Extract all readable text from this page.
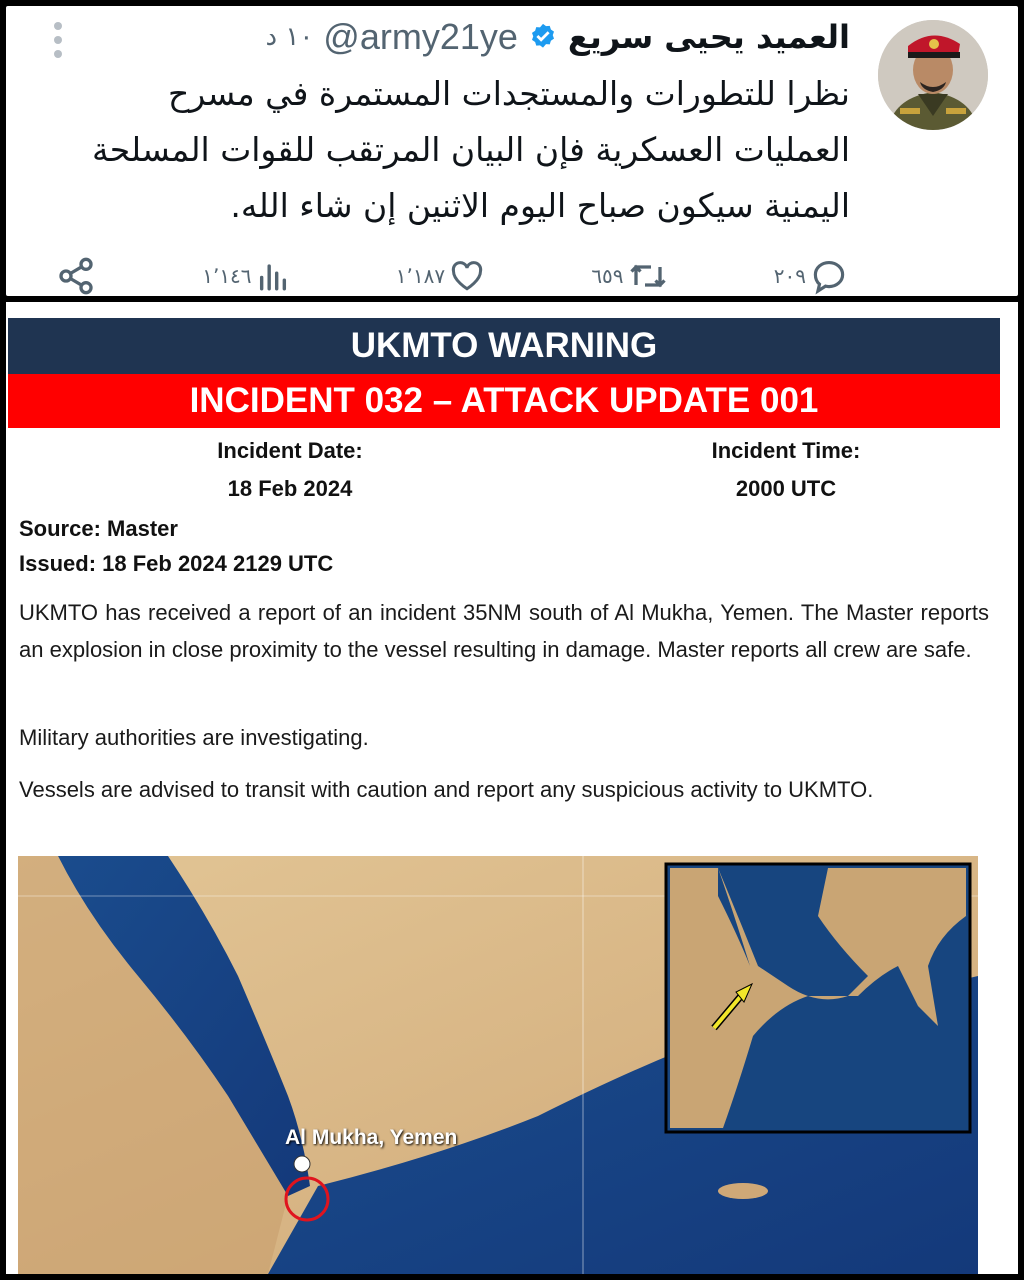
العميد يحيى سريع
@army21ye
١٠ د
نظرا للتطورات والمستجدات المستمرة في مسرح العمليات العسكرية فإن البيان المرتقب للقوات المسلحة اليمنية سيكون صباح اليوم الاثنين إن شاء الله.
١٬١٤٦	١٬١٨٧	٦٥٩	٢٠٩
UKMTO WARNING
INCIDENT 032 – ATTACK UPDATE 001
Incident Date:
18 Feb 2024
Incident Time:
2000 UTC
Source: Master
Issued: 18 Feb 2024 2129 UTC
UKMTO has received a report of an incident 35NM south of Al Mukha, Yemen. The Master reports an explosion in close proximity to the vessel resulting in damage. Master reports all crew are safe.
Military authorities are investigating.
Vessels are advised to transit with caution and report any suspicious activity to UKMTO.
Al Mukha, Yemen
